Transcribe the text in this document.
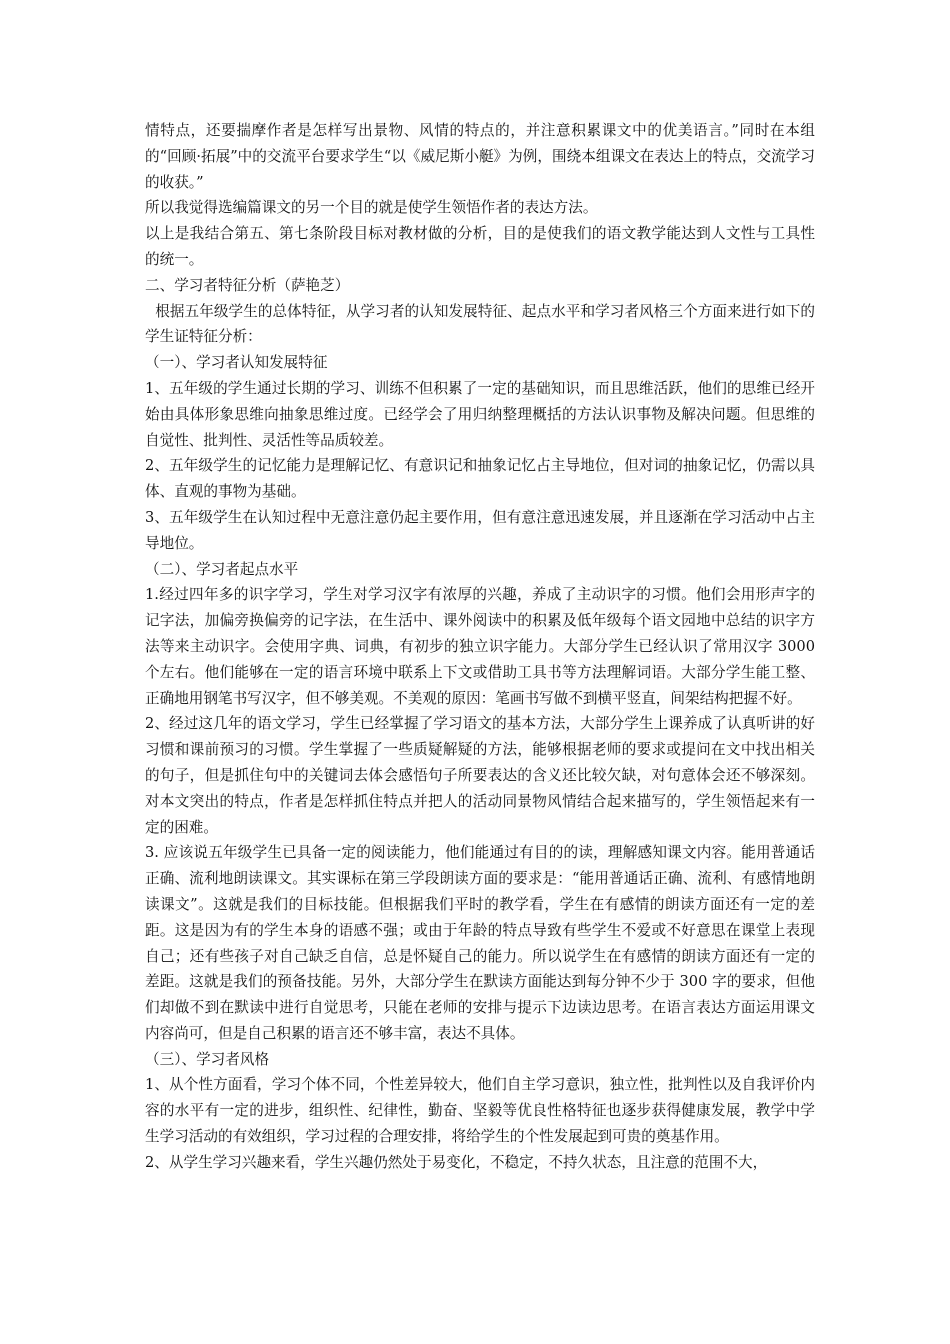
情特点，还要揣摩作者是怎样写出景物、风情的特点的，并注意积累课文中的优美语言。”同时在本组的“回顾·拓展”中的交流平台要求学生“以《威尼斯小艇》为例，围绕本组课文在表达上的特点，交流学习的收获。”

所以我觉得选编篇课文的另一个目的就是使学生领悟作者的表达方法。

以上是我结合第五、第七条阶段目标对教材做的分析，目的是使我们的语文教学能达到人文性与工具性的统一。

二、学习者特征分析（萨艳芝）

根据五年级学生的总体特征，从学习者的认知发展特征、起点水平和学习者风格三个方面来进行如下的学生证特征分析：

（一）、学习者认知发展特征

1、五年级的学生通过长期的学习、训练不但积累了一定的基础知识，而且思维活跃，他们的思维已经开始由具体形象思维向抽象思维过度。已经学会了用归纳整理概括的方法认识事物及解决问题。但思维的自觉性、批判性、灵活性等品质较差。

2、五年级学生的记忆能力是理解记忆、有意识记和抽象记忆占主导地位，但对词的抽象记忆，仍需以具体、直观的事物为基础。

3、五年级学生在认知过程中无意注意仍起主要作用，但有意注意迅速发展，并且逐渐在学习活动中占主导地位。

（二）、学习者起点水平

1.经过四年多的识字学习，学生对学习汉字有浓厚的兴趣，养成了主动识字的习惯。他们会用形声字的记字法，加偏旁换偏旁的记字法，在生活中、课外阅读中的积累及低年级每个语文园地中总结的识字方法等来主动识字。会使用字典、词典，有初步的独立识字能力。大部分学生已经认识了常用汉字 3000 个左右。他们能够在一定的语言环境中联系上下文或借助工具书等方法理解词语。大部分学生能工整、正确地用钢笔书写汉字，但不够美观。不美观的原因：笔画书写做不到横平竖直，间架结构把握不好。

2、经过这几年的语文学习，学生已经掌握了学习语文的基本方法，大部分学生上课养成了认真听讲的好习惯和课前预习的习惯。学生掌握了一些质疑解疑的方法，能够根据老师的要求或提问在文中找出相关的句子，但是抓住句中的关键词去体会感悟句子所要表达的含义还比较欠缺，对句意体会还不够深刻。对本文突出的特点，作者是怎样抓住特点并把人的活动同景物风情结合起来描写的，学生领悟起来有一定的困难。

3. 应该说五年级学生已具备一定的阅读能力，他们能通过有目的的读，理解感知课文内容。能用普通话正确、流利地朗读课文。其实课标在第三学段朗读方面的要求是：“能用普通话正确、流利、有感情地朗读课文”。这就是我们的目标技能。但根据我们平时的教学看，学生在有感情的朗读方面还有一定的差距。这是因为有的学生本身的语感不强；或由于年龄的特点导致有些学生不爱或不好意思在课堂上表现自己；还有些孩子对自己缺乏自信，总是怀疑自己的能力。所以说学生在有感情的朗读方面还有一定的差距。这就是我们的预备技能。另外，大部分学生在默读方面能达到每分钟不少于 300 字的要求，但他们却做不到在默读中进行自觉思考，只能在老师的安排与提示下边读边思考。在语言表达方面运用课文内容尚可，但是自己积累的语言还不够丰富，表达不具体。

（三）、学习者风格

1、从个性方面看，学习个体不同，个性差异较大，他们自主学习意识，独立性，批判性以及自我评价内容的水平有一定的进步，组织性、纪律性，勤奋、坚毅等优良性格特征也逐步获得健康发展，教学中学生学习活动的有效组织，学习过程的合理安排，将给学生的个性发展起到可贵的奠基作用。

2、从学生学习兴趣来看，学生兴趣仍然处于易变化，不稳定，不持久状态，且注意的范围不大，
